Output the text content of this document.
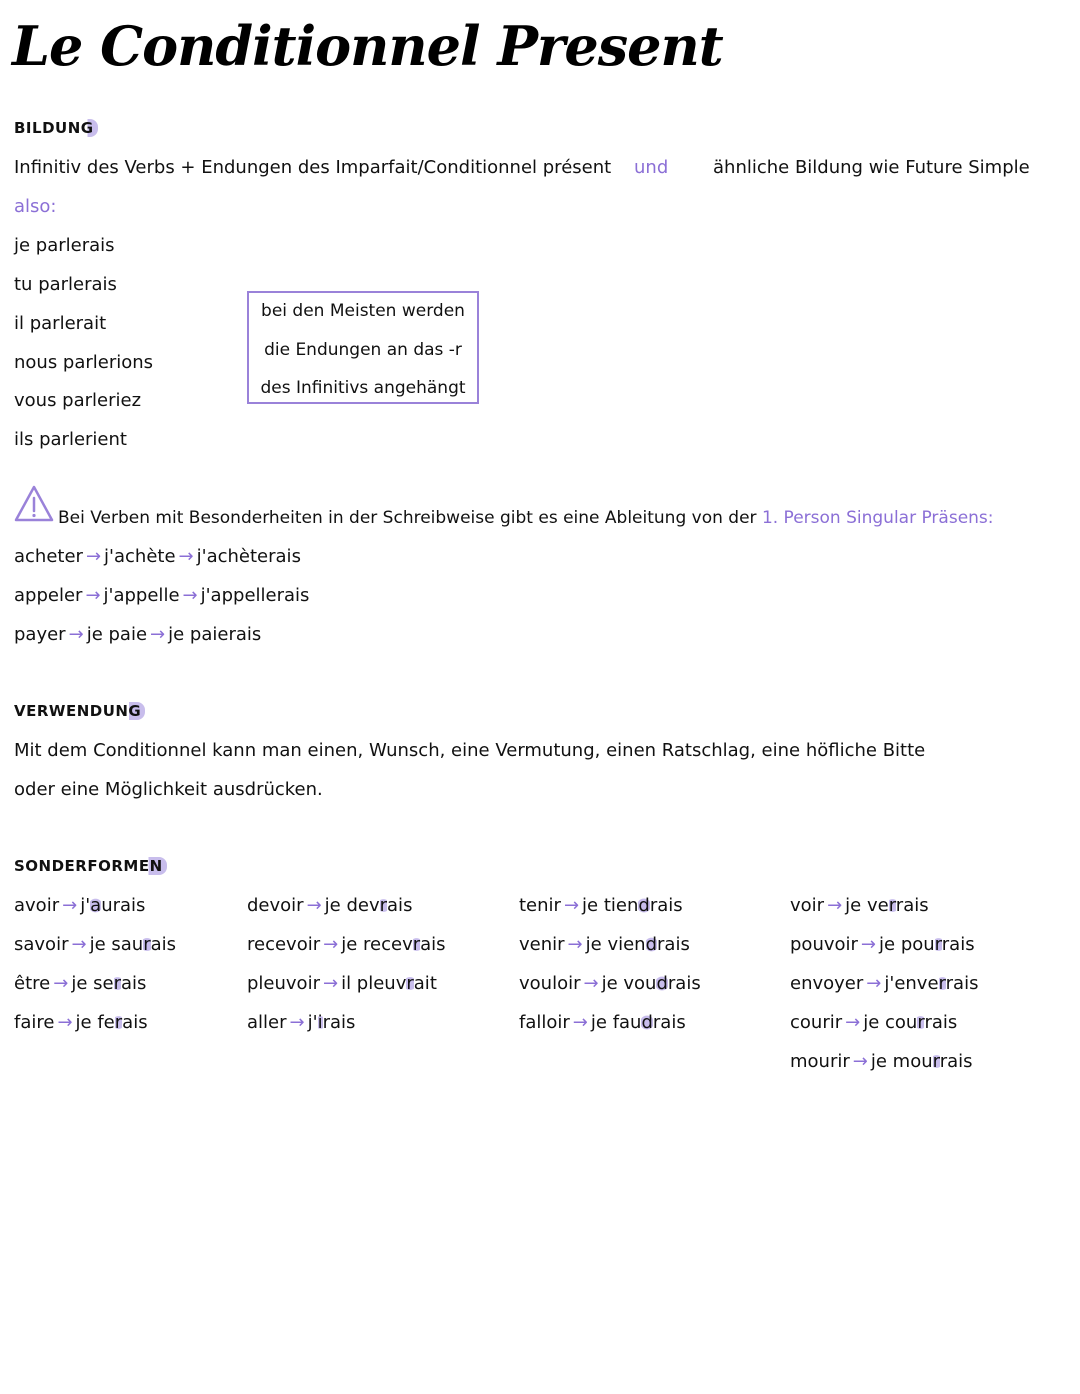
Le Conditionnel Present
BILDUNG
Infinitiv des Verbs + Endungen des Imparfait/Conditionnel présent und ähnliche Bildung wie Future Simple
also:
je parlerais
tu parlerais
il parlerait
nous parlerions
vous parleriez
ils parlerient
bei den Meisten werden
die Endungen an das -r
des Infinitivs angehängt
Bei Verben mit Besonderheiten in der Schreibweise gibt es eine Ableitung von der 1. Person Singular Präsens:
acheter → j'achète → j'achèterais
appeler → j'appelle → j'appellerais
payer → je paie → je paierais
VERWENDUNG
Mit dem Conditionnel kann man einen, Wunsch, eine Vermutung, einen Ratschlag, eine höfliche Bitte
oder eine Möglichkeit ausdrücken.
SONDERFORMEN
avoir → j'aurais
savoir → je saurais
être → je serais
faire → je ferais
devoir → je devrais
recevoir → je recevrais
pleuvoir → il pleuvrait
aller → j'irais
tenir → je tiendrais
venir → je viendrais
vouloir → je voudrais
falloir → je faudrais
voir → je verrais
pouvoir → je pourrais
envoyer → j'enverrais
courir → je courrais
mourir → je mourrais
